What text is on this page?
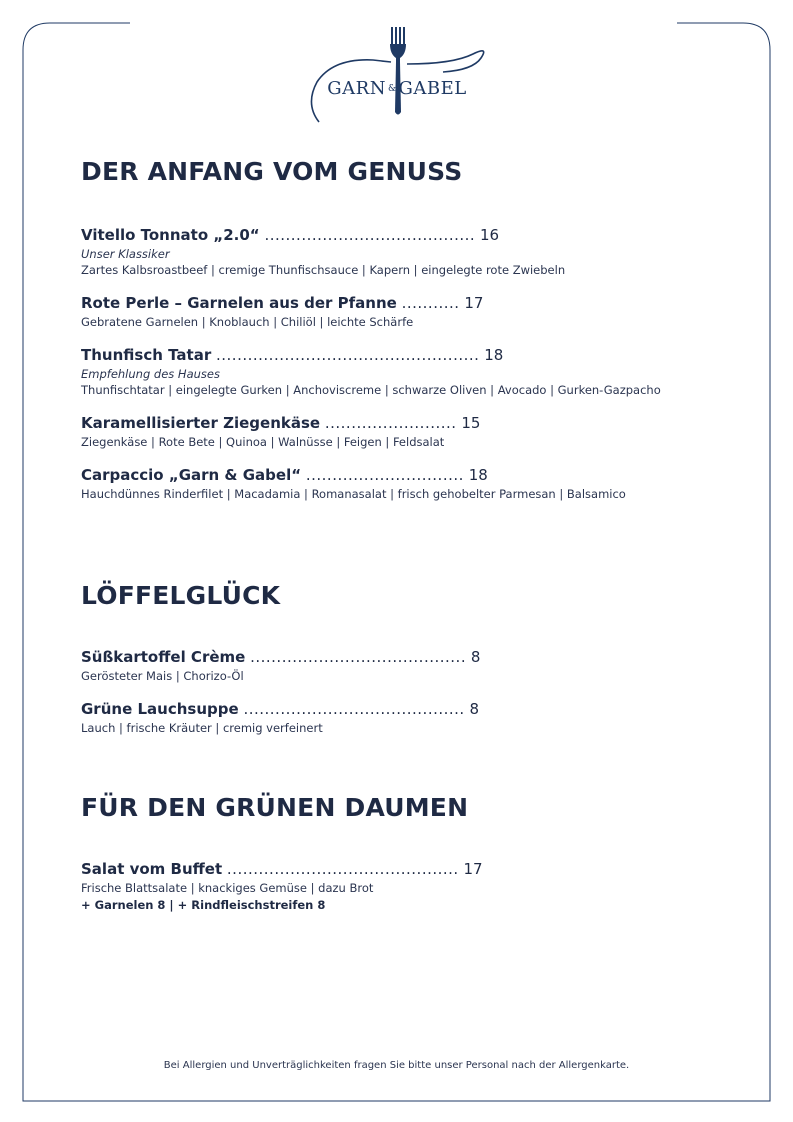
GARN & GABEL
DER ANFANG VOM GENUSS
Vitello Tonnato „2.0“ ........................................ 16
Unser Klassiker
Zartes Kalbsroastbeef | cremige Thunfischsauce | Kapern | eingelegte rote Zwiebeln
Rote Perle – Garnelen aus der Pfanne ........... 17
Gebratene Garnelen | Knoblauch | Chiliöl | leichte Schärfe
Thunfisch Tatar .................................................. 18
Empfehlung des Hauses
Thunfischtatar | eingelegte Gurken | Anchoviscreme | schwarze Oliven | Avocado | Gurken-Gazpacho
Karamellisierter Ziegenkäse ......................... 15
Ziegenkäse | Rote Bete | Quinoa | Walnüsse | Feigen | Feldsalat
Carpaccio „Garn & Gabel“ .............................. 18
Hauchdünnes Rinderfilet | Macadamia | Romanasalat | frisch gehobelter Parmesan | Balsamico
LÖFFELGLÜCK
Süßkartoffel Crème ......................................... 8
Gerösteter Mais | Chorizo-Öl
Grüne Lauchsuppe .......................................... 8
Lauch | frische Kräuter | cremig verfeinert
FÜR DEN GRÜNEN DAUMEN
Salat vom Buffet ............................................ 17
Frische Blattsalate | knackiges Gemüse | dazu Brot
+ Garnelen 8 | + Rindfleischstreifen 8
Bei Allergien und Unverträglichkeiten fragen Sie bitte unser Personal nach der Allergenkarte.
